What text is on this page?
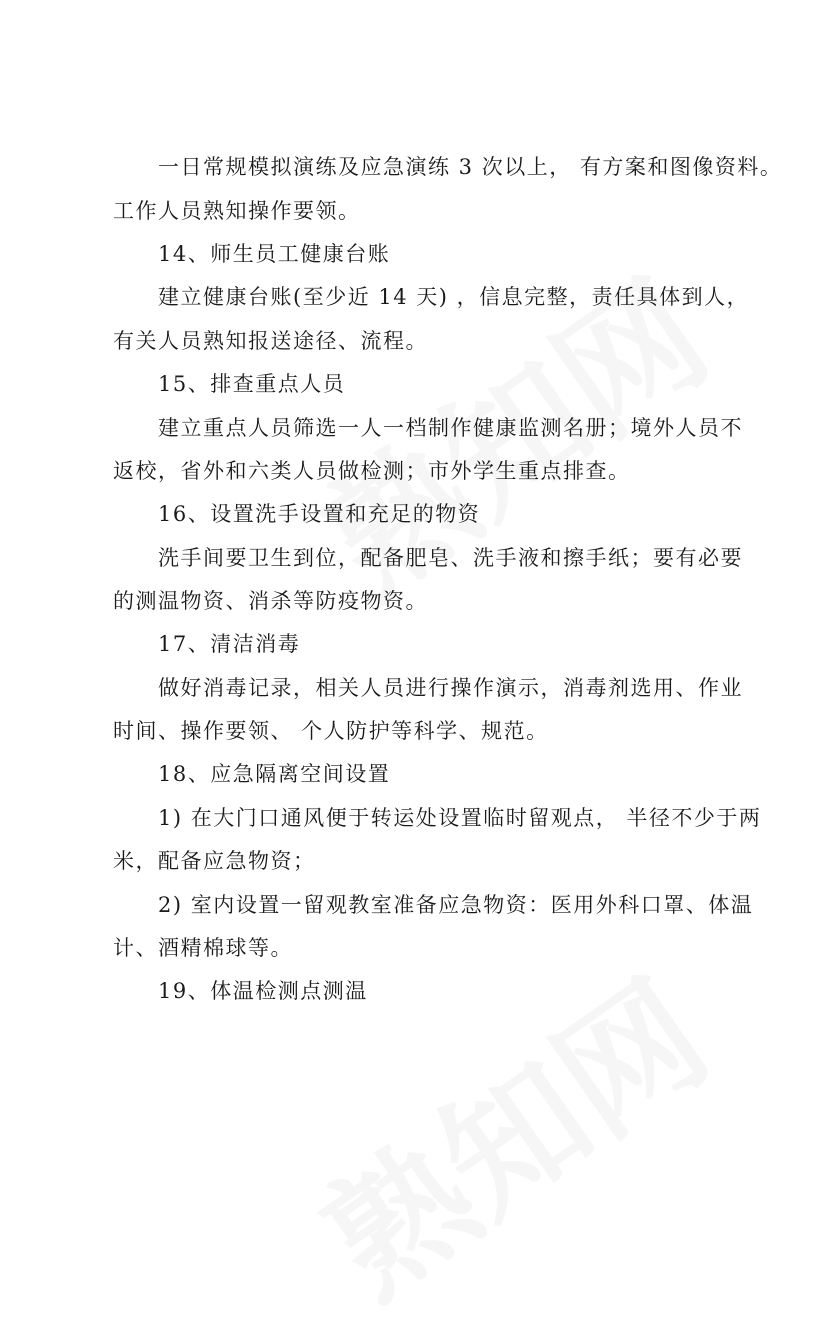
一日常规模拟演练及应急演练 3 次以上， 有方案和图像资料。
工作人员熟知操作要领。
14、师生员工健康台账
建立健康台账(至少近 14 天) ，信息完整，责任具体到人，
有关人员熟知报送途径、流程。
15、排查重点人员
建立重点人员筛选一人一档制作健康监测名册；境外人员不
返校，省外和六类人员做检测；市外学生重点排查。
16、设置洗手设置和充足的物资
洗手间要卫生到位，配备肥皂、洗手液和擦手纸；要有必要
的测温物资、消杀等防疫物资。
17、清洁消毒
做好消毒记录，相关人员进行操作演示，消毒剂选用、作业
时间、操作要领、 个人防护等科学、规范。
18、应急隔离空间设置
1) 在大门口通风便于转运处设置临时留观点， 半径不少于两
米，配备应急物资；
2) 室内设置一留观教室准备应急物资：医用外科口罩、体温
计、酒精棉球等。
19、体温检测点测温
